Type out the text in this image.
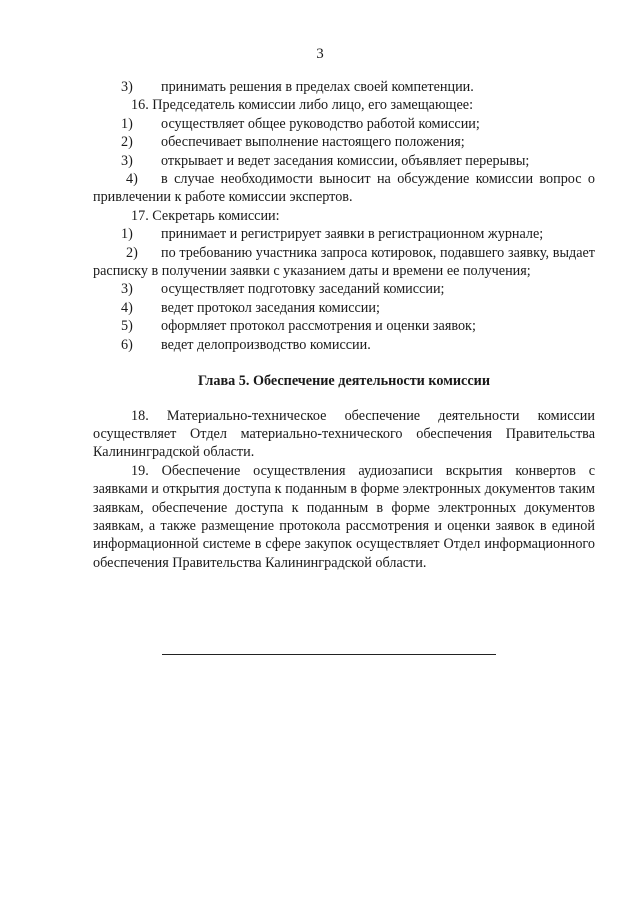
3
3)	принимать решения в пределах своей компетенции.
16. Председатель комиссии либо лицо, его замещающее:
1)	осуществляет общее руководство работой комиссии;
2)	обеспечивает выполнение настоящего положения;
3)	открывает и ведет заседания комиссии, объявляет перерывы;
4) в случае необходимости выносит на обсуждение комиссии вопрос о привлечении к работе комиссии экспертов.
17. Секретарь комиссии:
1)	принимает и регистрирует заявки в регистрационном журнале;
2) по требованию участника запроса котировок, подавшего заявку, выдает расписку в получении заявки с указанием даты и времени ее получения;
3)	осуществляет подготовку заседаний комиссии;
4)	ведет протокол заседания комиссии;
5)	оформляет протокол рассмотрения и оценки заявок;
6)	ведет делопроизводство комиссии.
Глава 5. Обеспечение деятельности комиссии
18. Материально-техническое обеспечение деятельности комиссии осуществляет Отдел материально-технического обеспечения Правительства Калининградской области.
19. Обеспечение осуществления аудиозаписи вскрытия конвертов с заявками и открытия доступа к поданным в форме электронных документов таким заявкам, обеспечение доступа к поданным в форме электронных документов заявкам, а также размещение протокола рассмотрения и оценки заявок в единой информационной системе в сфере закупок осуществляет Отдел информационного обеспечения Правительства Калининградской области.
